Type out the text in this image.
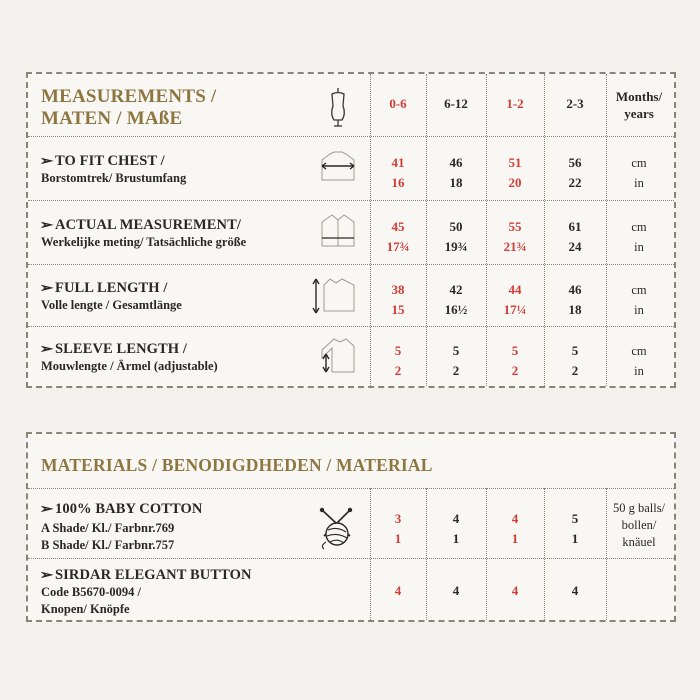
MEASUREMENTS /
MATEN / MAßE
0-6	6-12	1-2	2-3	Months/
years
➢TO FIT CHEST /
Borstomtrek/ Brustumfang
41	46	51	56	cm
16	18	20	22	in
➢ACTUAL MEASUREMENT/
Werkelijke meting/ Tatsächliche größe
45	50	55	61	cm
17¾	19¾	21¾	24	in
➢FULL LENGTH /
Volle lengte / Gesamtlänge
38	42	44	46	cm
15	16½	17¼	18	in
➢SLEEVE LENGTH /
Mouwlengte / Ärmel (adjustable)
5	5	5	5	cm
2	2	2	2	in
MATERIALS / BENODIGDHEDEN / MATERIAL
➢100% BABY COTTON
A Shade/ Kl./ Farbnr.769
B Shade/ Kl./ Farbnr.757
3	4	4	5
1	1	1	1
50 g balls/
bollen/
knäuel
➢SIRDAR ELEGANT BUTTON
Code B5670-0094 /
Knopen/ Knöpfe
4	4	4	4
